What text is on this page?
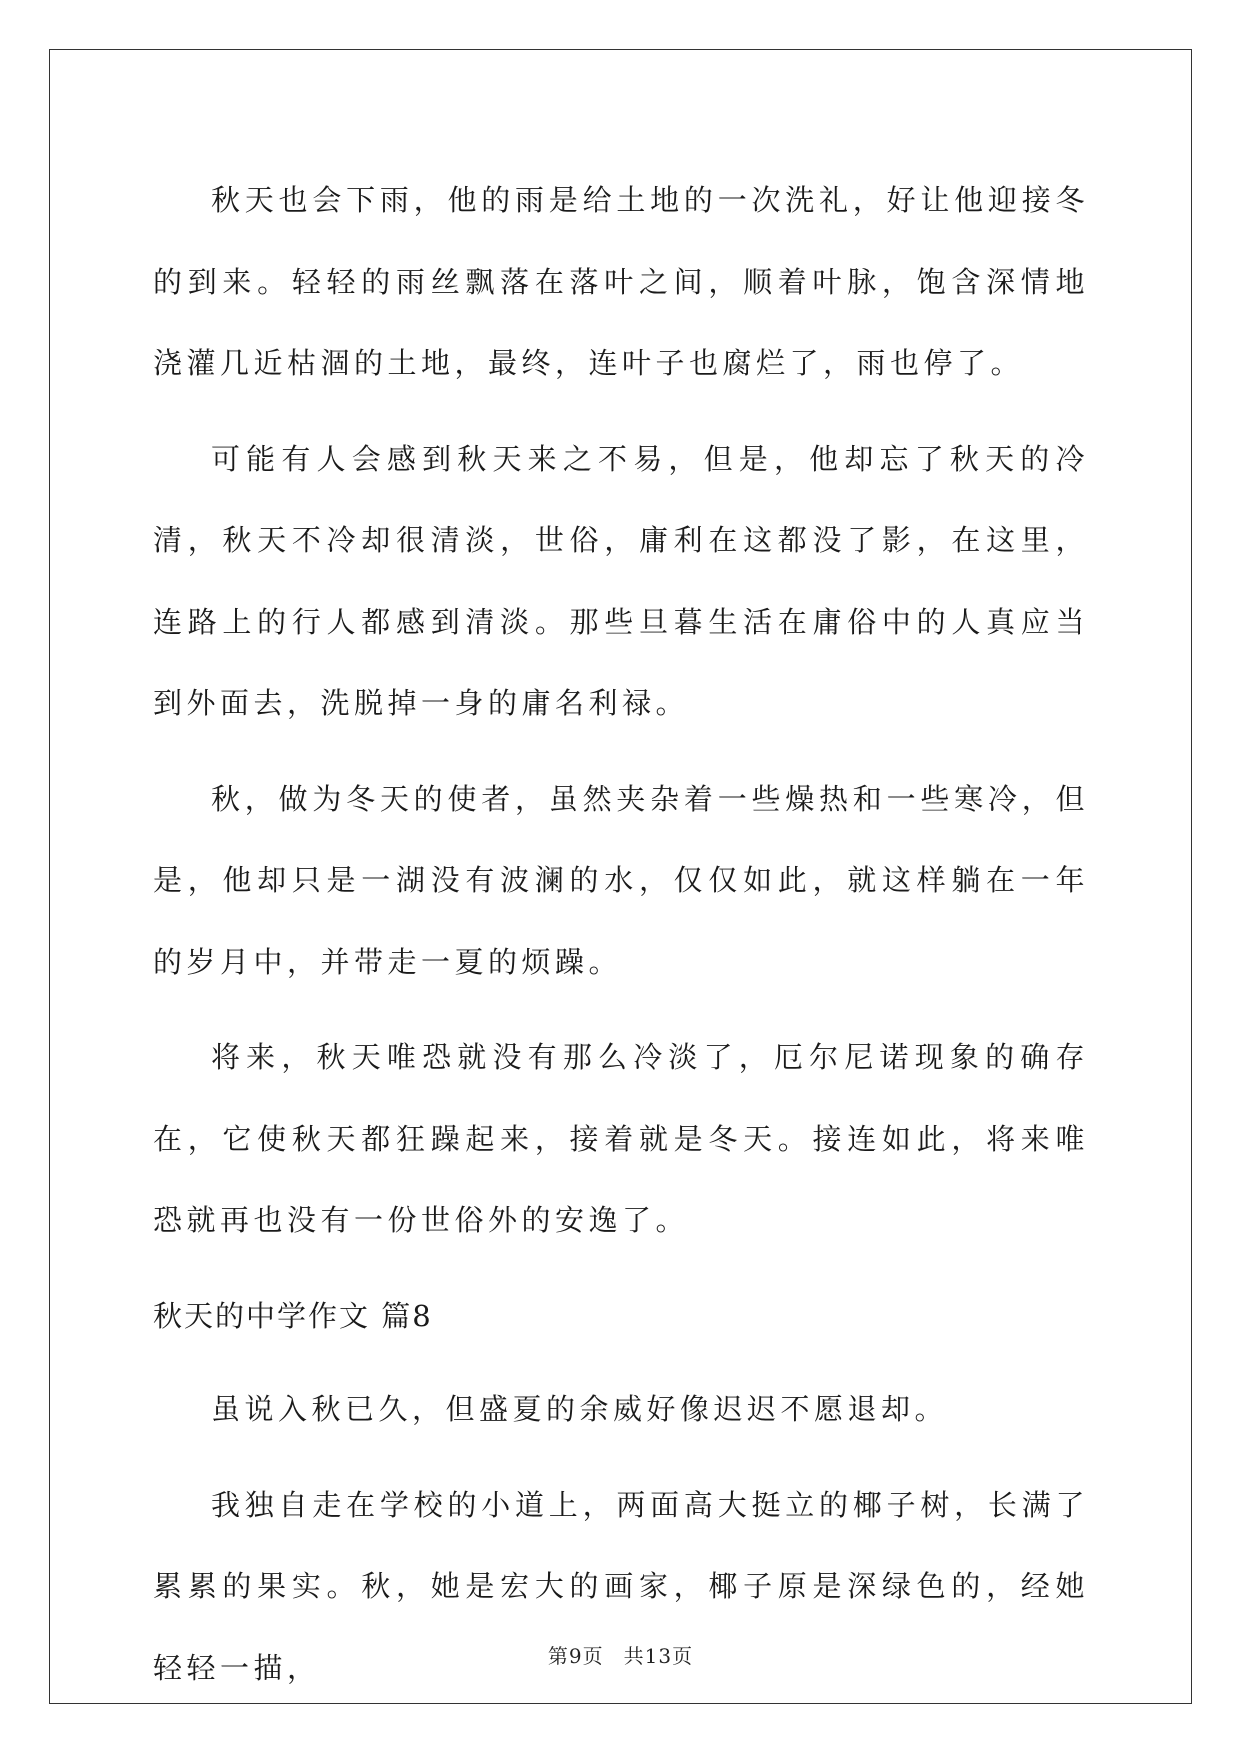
秋天也会下雨，他的雨是给土地的一次洗礼，好让他迎接冬的到来。轻轻的雨丝飘落在落叶之间，顺着叶脉，饱含深情地浇灌几近枯涸的土地，最终，连叶子也腐烂了，雨也停了。

可能有人会感到秋天来之不易，但是，他却忘了秋天的冷清，秋天不冷却很清淡，世俗，庸利在这都没了影，在这里，连路上的行人都感到清淡。那些旦暮生活在庸俗中的人真应当到外面去，洗脱掉一身的庸名利禄。

秋，做为冬天的使者，虽然夹杂着一些燥热和一些寒冷，但是，他却只是一湖没有波澜的水，仅仅如此，就这样躺在一年的岁月中，并带走一夏的烦躁。

将来，秋天唯恐就没有那么冷淡了，厄尔尼诺现象的确存在，它使秋天都狂躁起来，接着就是冬天。接连如此，将来唯恐就再也没有一份世俗外的安逸了。

秋天的中学作文 篇8

虽说入秋已久，但盛夏的余威好像迟迟不愿退却。

我独自走在学校的小道上，两面高大挺立的椰子树，长满了累累的果实。秋，她是宏大的画家，椰子原是深绿色的，经她轻轻一描，	第9页 共13页
